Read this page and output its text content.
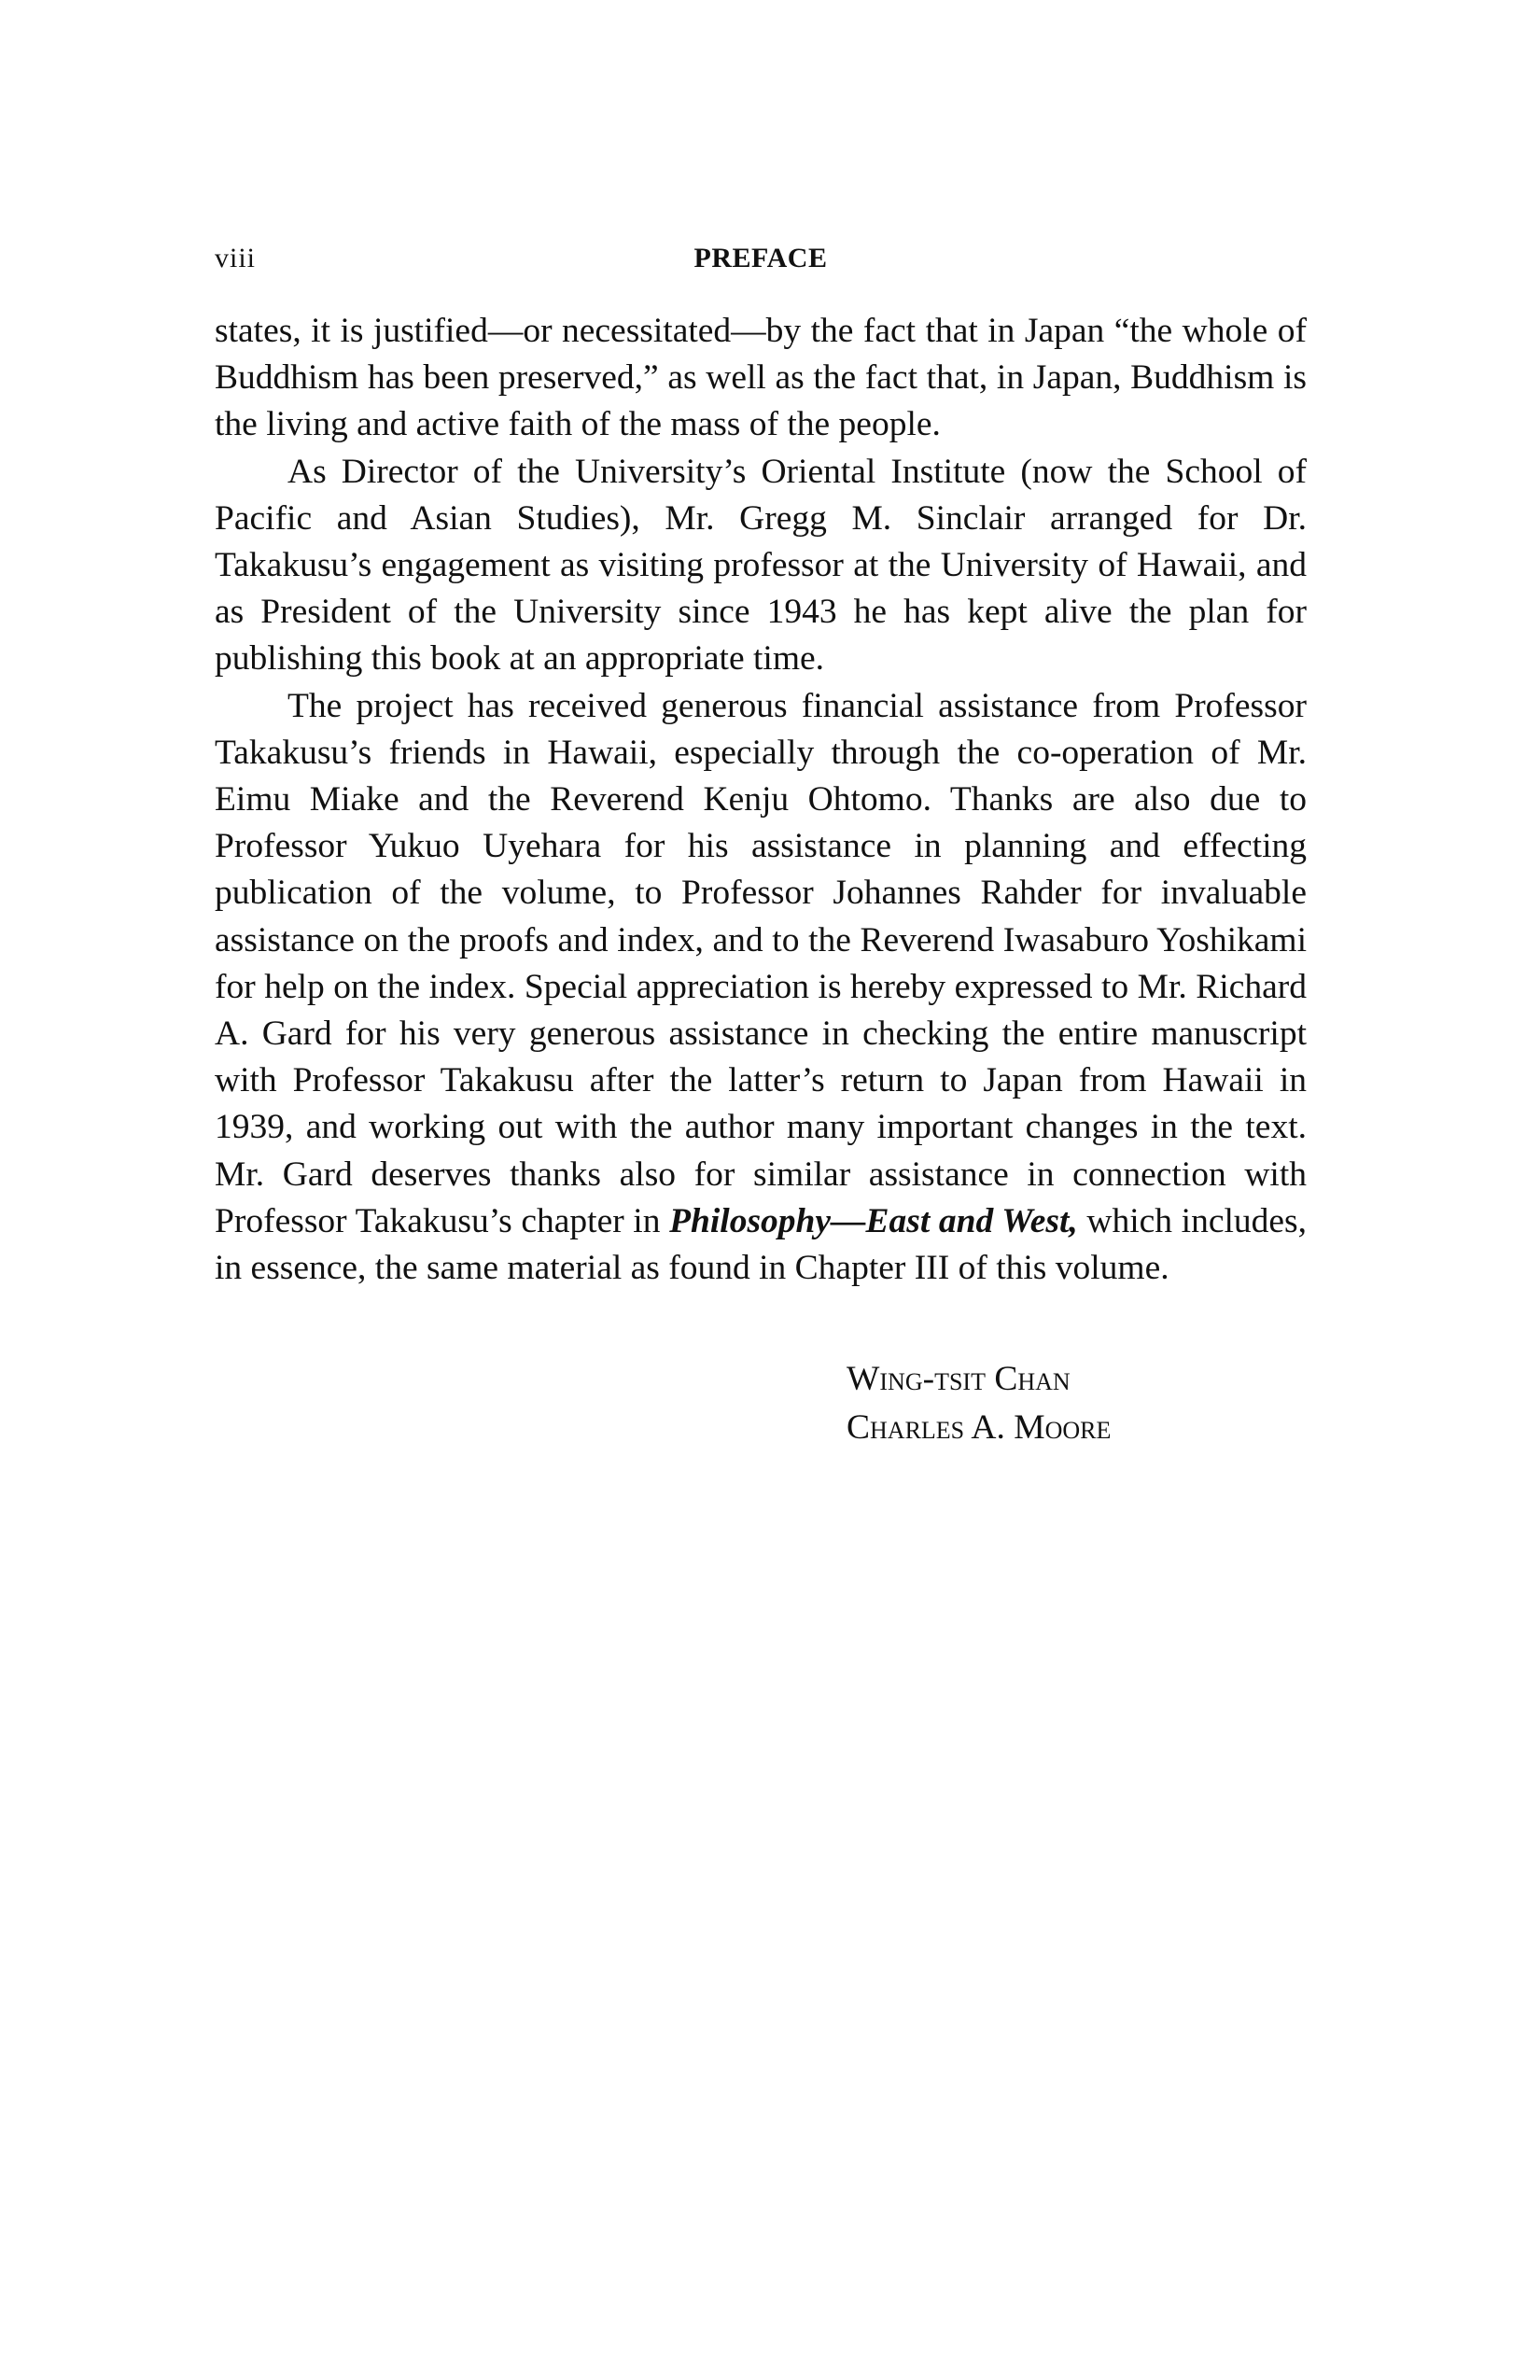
viii	PREFACE

states, it is justified—or necessitated—by the fact that in Japan “the whole of Buddhism has been preserved,” as well as the fact that, in Japan, Buddhism is the living and active faith of the mass of the people.

As Director of the University’s Oriental Institute (now the School of Pacific and Asian Studies), Mr. Gregg M. Sinclair arranged for Dr. Takakusu’s engagement as visiting professor at the University of Hawaii, and as President of the University since 1943 he has kept alive the plan for publishing this book at an appropriate time.

The project has received generous financial assistance from Professor Takakusu’s friends in Hawaii, especially through the co-operation of Mr. Eimu Miake and the Reverend Kenju Ohtomo. Thanks are also due to Professor Yukuo Uyehara for his assistance in planning and effecting publication of the volume, to Professor Johannes Rahder for invaluable assistance on the proofs and index, and to the Reverend Iwasaburo Yoshikami for help on the index. Special appreciation is hereby expressed to Mr. Richard A. Gard for his very generous assistance in checking the entire manuscript with Professor Takakusu after the latter’s return to Japan from Hawaii in 1939, and working out with the author many important changes in the text. Mr. Gard deserves thanks also for similar assistance in connection with Professor Takakusu’s chapter in Philosophy—East and West, which includes, in essence, the same material as found in Chapter III of this volume.

Wing-tsit Chan
Charles A. Moore
